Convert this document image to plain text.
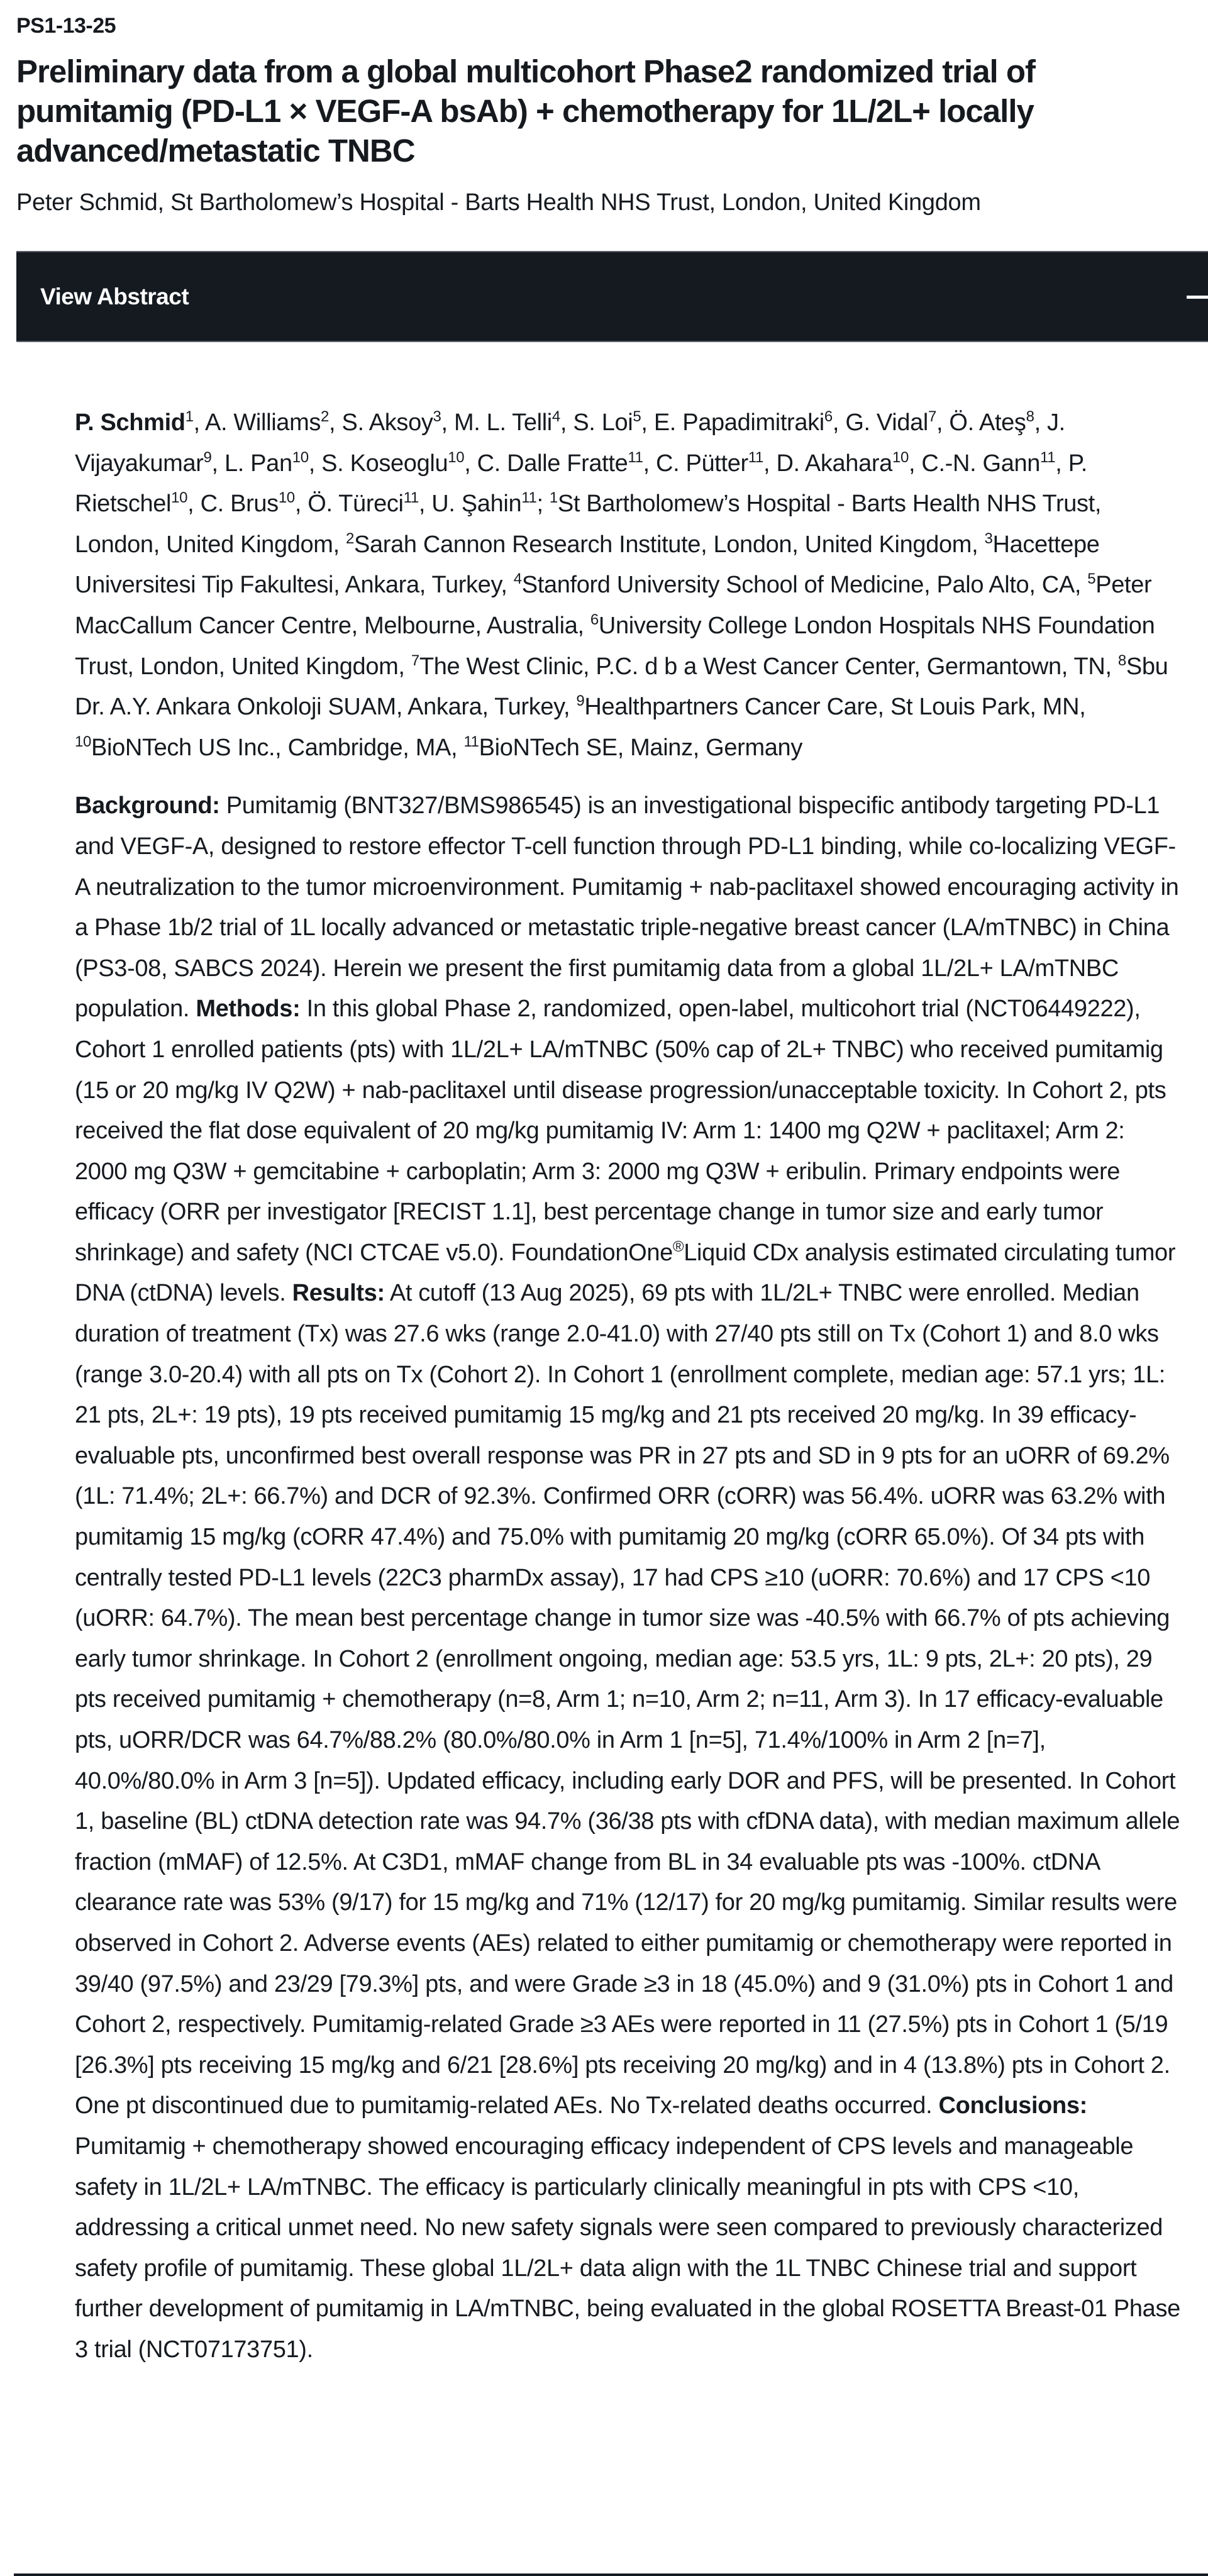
PS1-13-25
Preliminary data from a global multicohort Phase2 randomized trial of pumitamig (PD-L1 × VEGF-A bsAb) + chemotherapy for 1L/2L+ locally advanced/metastatic TNBC
Peter Schmid, St Bartholomew’s Hospital - Barts Health NHS Trust, London, United Kingdom
View Abstract

P. Schmid$^1$, A. Williams$^2$, S. Aksoy$^3$, M. L. Telli$^4$, S. Loi$^5$, E. Papadimitraki$^6$, G. Vidal$^7$, Ö. Ateş$^8$, J. Vijayakumar$^9$, L. Pan$^{10}$, S. Koseoglu$^{10}$, C. Dalle Fratte$^{11}$, C. Pütter$^{11}$, D. Akahara$^{10}$, C.-N. Gann$^{11}$, P. Rietschel$^{10}$, C. Brus$^{10}$, Ö. Türeci$^{11}$, U. Şahin$^{11}$; $^1$St Bartholomew’s Hospital - Barts Health NHS Trust, London, United Kingdom, $^2$Sarah Cannon Research Institute, London, United Kingdom, $^3$Hacettepe Universitesi Tip Fakultesi, Ankara, Turkey, $^4$Stanford University School of Medicine, Palo Alto, CA, $^5$Peter MacCallum Cancer Centre, Melbourne, Australia, $^6$University College London Hospitals NHS Foundation Trust, London, United Kingdom, $^7$The West Clinic, P.C. d b a West Cancer Center, Germantown, TN, $^8$Sbu Dr. A.Y. Ankara Onkoloji SUAM, Ankara, Turkey, $^9$Healthpartners Cancer Care, St Louis Park, MN, $^{10}$BioNTech US Inc., Cambridge, MA, $^{11}$BioNTech SE, Mainz, Germany

Background: Pumitamig (BNT327/BMS986545) is an investigational bispecific antibody targeting PD-L1 and VEGF-A, designed to restore effector T-cell function through PD-L1 binding, while co-localizing VEGF-A neutralization to the tumor microenvironment. Pumitamig + nab-paclitaxel showed encouraging activity in a Phase 1b/2 trial of 1L locally advanced or metastatic triple-negative breast cancer (LA/mTNBC) in China (PS3-08, SABCS 2024). Herein we present the first pumitamig data from a global 1L/2L+ LA/mTNBC population. Methods: In this global Phase 2, randomized, open-label, multicohort trial (NCT06449222), Cohort 1 enrolled patients (pts) with 1L/2L+ LA/mTNBC (50% cap of 2L+ TNBC) who received pumitamig (15 or 20 mg/kg IV Q2W) + nab-paclitaxel until disease progression/unacceptable toxicity. In Cohort 2, pts received the flat dose equivalent of 20 mg/kg pumitamig IV: Arm 1: 1400 mg Q2W + paclitaxel; Arm 2: 2000 mg Q3W + gemcitabine + carboplatin; Arm 3: 2000 mg Q3W + eribulin. Primary endpoints were efficacy (ORR per investigator [RECIST 1.1], best percentage change in tumor size and early tumor shrinkage) and safety (NCI CTCAE v5.0). FoundationOne®Liquid CDx analysis estimated circulating tumor DNA (ctDNA) levels. Results: At cutoff (13 Aug 2025), 69 pts with 1L/2L+ TNBC were enrolled. Median duration of treatment (Tx) was 27.6 wks (range 2.0-41.0) with 27/40 pts still on Tx (Cohort 1) and 8.0 wks (range 3.0-20.4) with all pts on Tx (Cohort 2). In Cohort 1 (enrollment complete, median age: 57.1 yrs; 1L: 21 pts, 2L+: 19 pts), 19 pts received pumitamig 15 mg/kg and 21 pts received 20 mg/kg. In 39 efficacy-evaluable pts, unconfirmed best overall response was PR in 27 pts and SD in 9 pts for an uORR of 69.2% (1L: 71.4%; 2L+: 66.7%) and DCR of 92.3%. Confirmed ORR (cORR) was 56.4%. uORR was 63.2% with pumitamig 15 mg/kg (cORR 47.4%) and 75.0% with pumitamig 20 mg/kg (cORR 65.0%). Of 34 pts with centrally tested PD-L1 levels (22C3 pharmDx assay), 17 had CPS ≥10 (uORR: 70.6%) and 17 CPS <10 (uORR: 64.7%). The mean best percentage change in tumor size was -40.5% with 66.7% of pts achieving early tumor shrinkage. In Cohort 2 (enrollment ongoing, median age: 53.5 yrs, 1L: 9 pts, 2L+: 20 pts), 29 pts received pumitamig + chemotherapy (n=8, Arm 1; n=10, Arm 2; n=11, Arm 3). In 17 efficacy-evaluable pts, uORR/DCR was 64.7%/88.2% (80.0%/80.0% in Arm 1 [n=5], 71.4%/100% in Arm 2 [n=7], 40.0%/80.0% in Arm 3 [n=5]). Updated efficacy, including early DOR and PFS, will be presented. In Cohort 1, baseline (BL) ctDNA detection rate was 94.7% (36/38 pts with cfDNA data), with median maximum allele fraction (mMAF) of 12.5%. At C3D1, mMAF change from BL in 34 evaluable pts was -100%. ctDNA clearance rate was 53% (9/17) for 15 mg/kg and 71% (12/17) for 20 mg/kg pumitamig. Similar results were observed in Cohort 2. Adverse events (AEs) related to either pumitamig or chemotherapy were reported in 39/40 (97.5%) and 23/29 [79.3%] pts, and were Grade ≥3 in 18 (45.0%) and 9 (31.0%) pts in Cohort 1 and Cohort 2, respectively. Pumitamig-related Grade ≥3 AEs were reported in 11 (27.5%) pts in Cohort 1 (5/19 [26.3%] pts receiving 15 mg/kg and 6/21 [28.6%] pts receiving 20 mg/kg) and in 4 (13.8%) pts in Cohort 2. One pt discontinued due to pumitamig-related AEs. No Tx-related deaths occurred. Conclusions: Pumitamig + chemotherapy showed encouraging efficacy independent of CPS levels and manageable safety in 1L/2L+ LA/mTNBC. The efficacy is particularly clinically meaningful in pts with CPS <10, addressing a critical unmet need. No new safety signals were seen compared to previously characterized safety profile of pumitamig. These global 1L/2L+ data align with the 1L TNBC Chinese trial and support further development of pumitamig in LA/mTNBC, being evaluated in the global ROSETTA Breast-01 Phase 3 trial (NCT07173751).
